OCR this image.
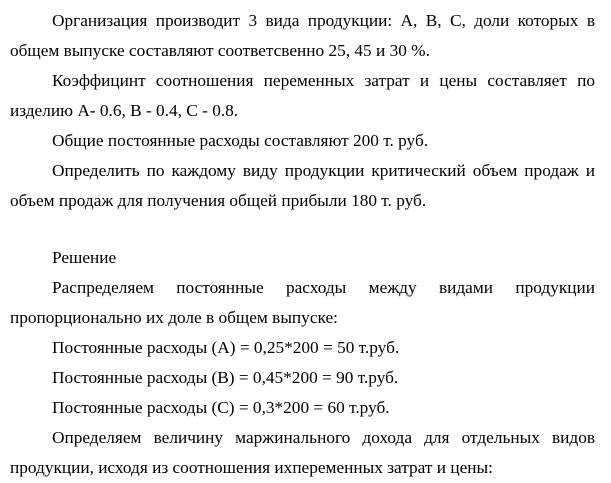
Организация производит 3 вида продукции: А, В, С, доли которых в
общем выпуске составляют соответсвенно 25, 45 и 30 %.
Коэффицинт соотношения переменных затрат и цены составляет по
изделию А- 0.6, В - 0.4, С - 0.8.
Общие постоянные расходы составляют 200 т. руб.
Определить по каждому виду продукции критический объем продаж и
объем продаж для получения общей прибыли 180 т. руб.
Решение
Распределяем постоянные расходы между видами продукции
пропорционально их доле в общем выпуске:
Постоянные расходы (А) = 0,25*200 = 50 т.руб.
Постоянные расходы (В) = 0,45*200 = 90 т.руб.
Постоянные расходы (С) = 0,3*200 = 60 т.руб.
Определяем величину маржинального дохода для отдельных видов
продукции, исходя из соотношения ихпеременных затрат и цены:
